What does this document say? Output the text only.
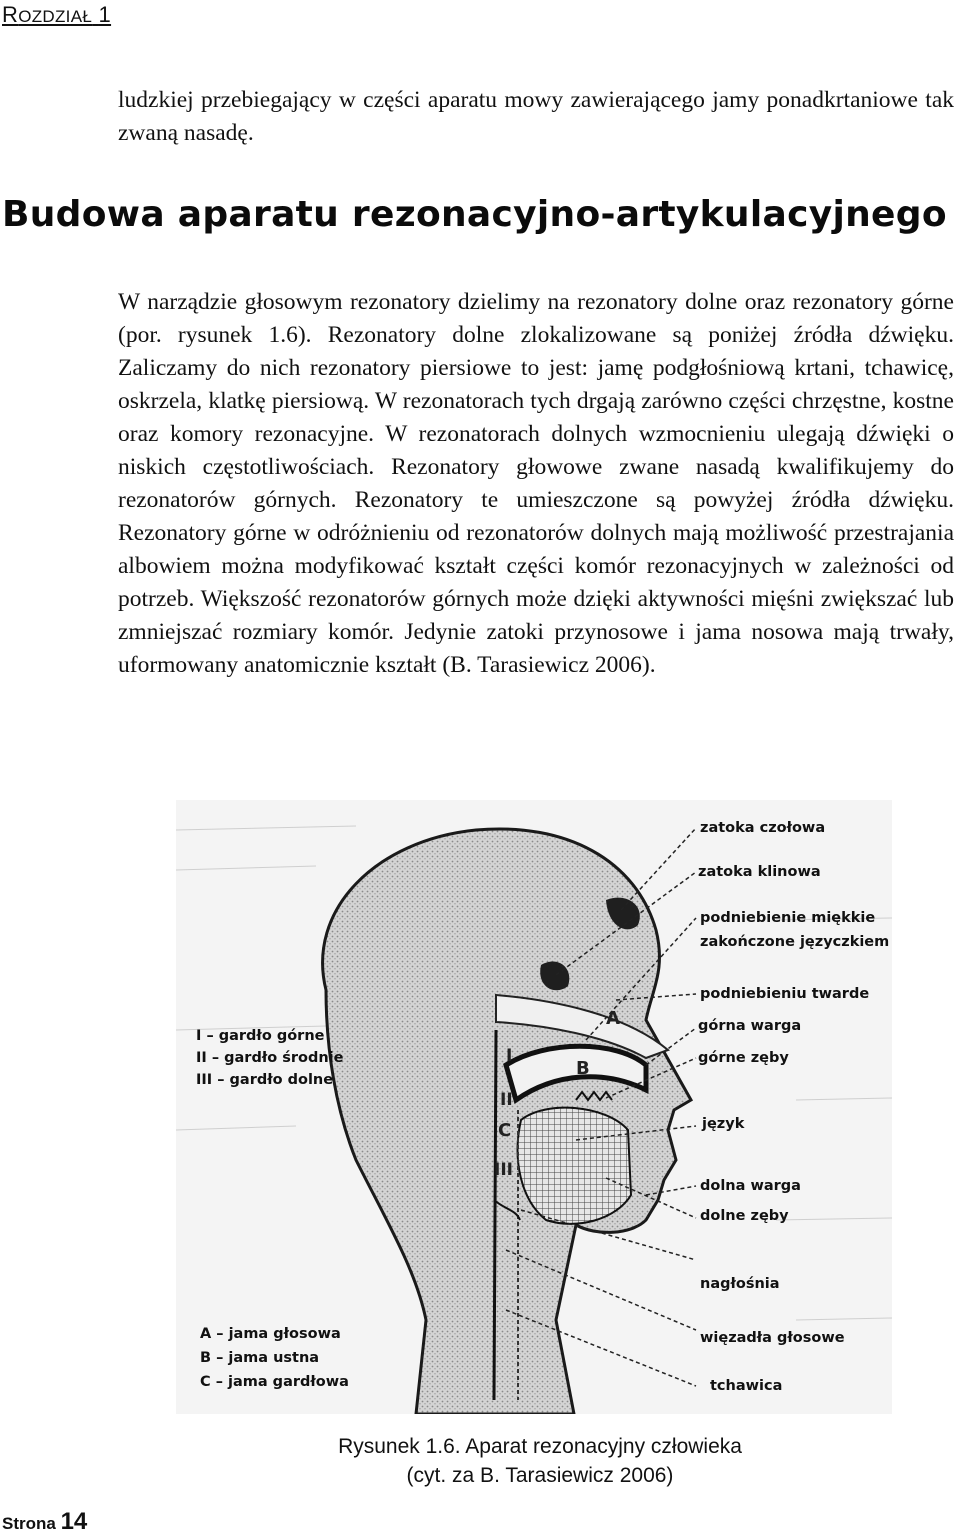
ROZDZIAŁ 1
ludzkiej przebiegający w części aparatu mowy zawierającego jamy ponadkrtaniowe tak zwaną nasadę.
Budowa aparatu rezonacyjno-artykulacyjnego
W narządzie głosowym rezonatory dzielimy na rezonatory dolne oraz rezonatory górne (por. rysunek 1.6). Rezonatory dolne zlokalizowane są poniżej źródła dźwięku. Zaliczamy do nich rezonatory piersiowe to jest: jamę podgłośniową krtani, tchawicę, oskrzela, klatkę piersiową. W rezonatorach tych drgają zarówno części chrzęstne, kostne oraz komory rezonacyjne. W rezonatorach dolnych wzmocnieniu ulegają dźwięki o niskich częstotliwościach. Rezonatory głowowe zwane nasadą kwalifikujemy do rezonatorów górnych. Rezonatory te umieszczone są powyżej źródła dźwięku. Rezonatory górne w odróżnieniu od rezonatorów dolnych mają możliwość przestrajania albowiem można modyfikować kształt części komór rezonacyjnych w zależności od potrzeb. Większość rezonatorów górnych może dzięki aktywności mięśni zwiększać lub zmniejszać rozmiary komór. Jedynie zatoki przynosowe i jama nosowa mają trwały, uformowany anatomicznie kształt (B. Tarasiewicz 2006).
zatoka czołowa
zatoka klinowa
podniebienie miękkie
zakończone języczkiem
podniebieniu twarde
górna warga
górne zęby
język
dolna warga
dolne zęby
nagłośnia
więzadła głosowe
tchawica
I – gardło górne
II – gardło środnie
III – gardło dolne
A – jama głosowa
B – jama ustna
C – jama gardłowa
I
II
III
A
B
C
Rysunek 1.6. Aparat rezonacyjny człowieka
(cyt. za B. Tarasiewicz 2006)
Strona 14
